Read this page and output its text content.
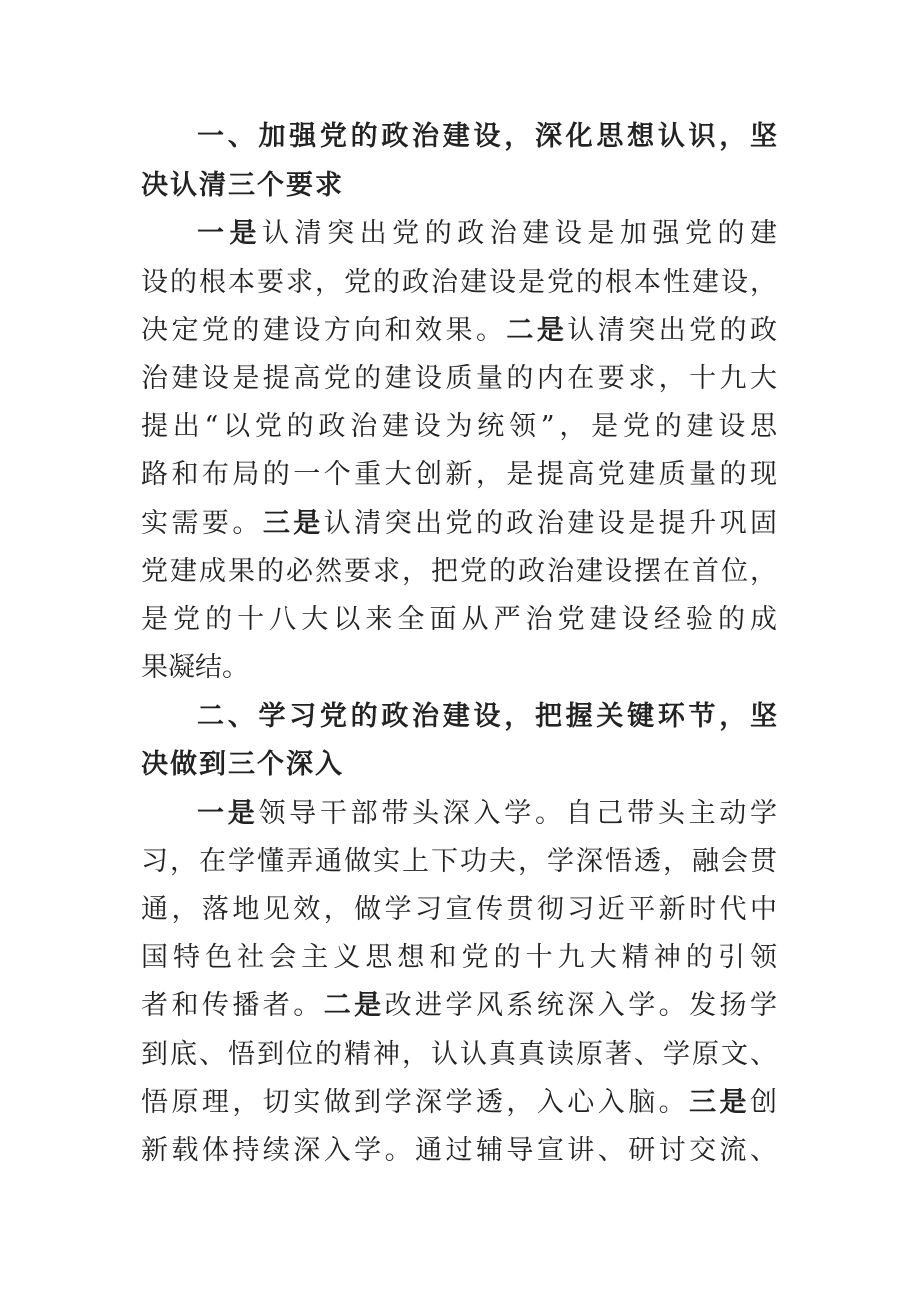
一、加强党的政治建设，深化思想认识，坚
决认清三个要求
一是认清突出党的政治建设是加强党的建
设的根本要求，党的政治建设是党的根本性建设，
决定党的建设方向和效果。二是认清突出党的政
治建设是提高党的建设质量的内在要求，十九大
提出“以党的政治建设为统领”，是党的建设思
路和布局的一个重大创新，是提高党建质量的现
实需要。三是认清突出党的政治建设是提升巩固
党建成果的必然要求，把党的政治建设摆在首位，
是党的十八大以来全面从严治党建设经验的成
果凝结。
二、学习党的政治建设，把握关键环节，坚
决做到三个深入
一是领导干部带头深入学。自己带头主动学
习，在学懂弄通做实上下功夫，学深悟透，融会贯
通，落地见效，做学习宣传贯彻习近平新时代中
国特色社会主义思想和党的十九大精神的引领
者和传播者。二是改进学风系统深入学。发扬学
到底、悟到位的精神，认认真真读原著、学原文、
悟原理，切实做到学深学透，入心入脑。三是创
新载体持续深入学。通过辅导宣讲、研讨交流、
